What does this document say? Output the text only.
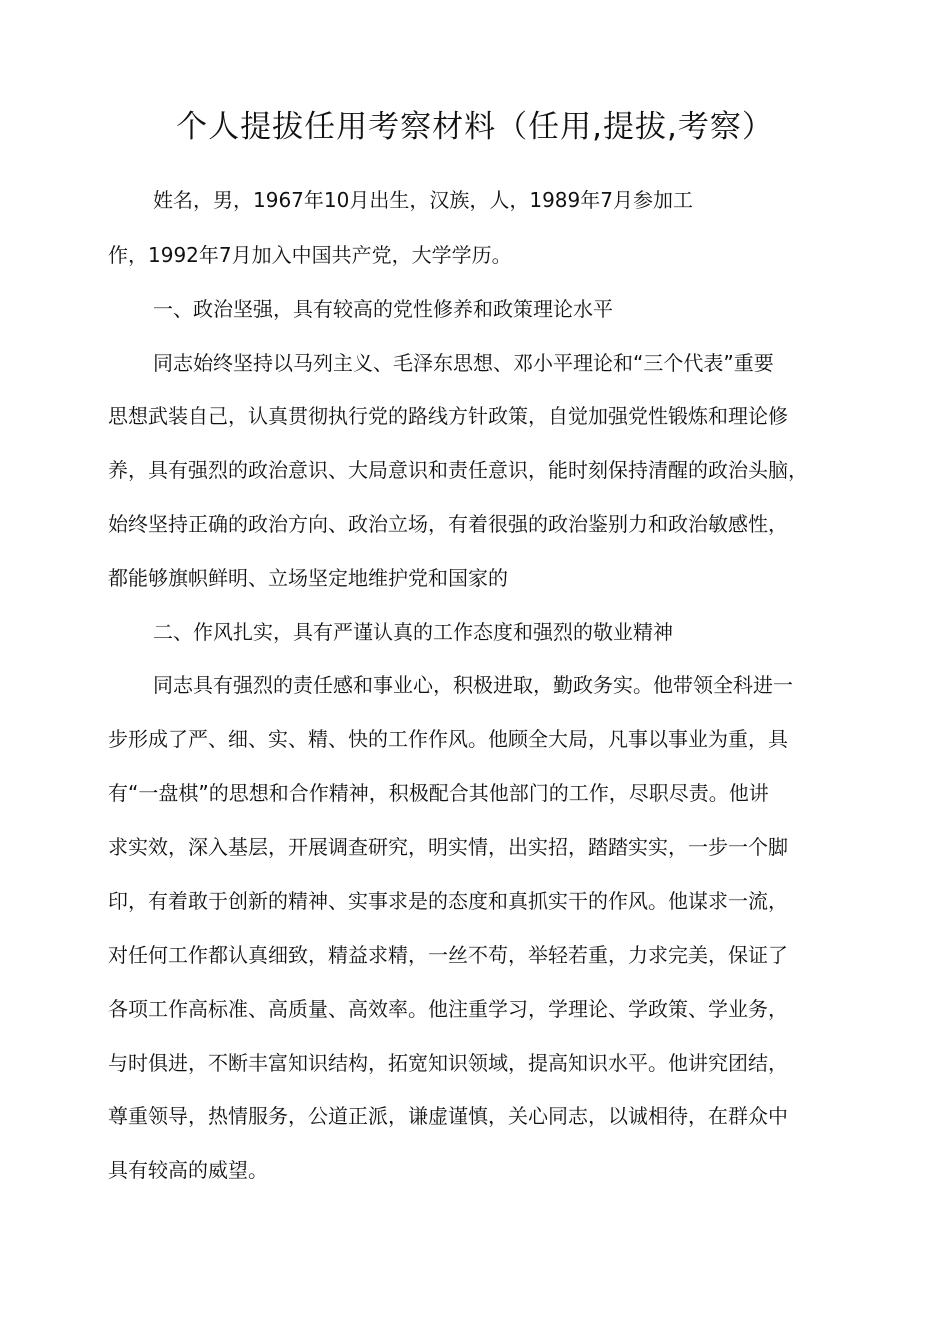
个人提拔任用考察材料（任用,提拔,考察）
姓名，男，1967年10月出生，汉族，人，1989年7月参加工
作，1992年7月加入中国共产党，大学学历。
一、政治坚强，具有较高的党性修养和政策理论水平
同志始终坚持以马列主义、毛泽东思想、邓小平理论和“三个代表”重要
思想武装自己，认真贯彻执行党的路线方针政策，自觉加强党性锻炼和理论修
养，具有强烈的政治意识、大局意识和责任意识，能时刻保持清醒的政治头脑，
始终坚持正确的政治方向、政治立场，有着很强的政治鉴别力和政治敏感性，
都能够旗帜鲜明、立场坚定地维护党和国家的
二、作风扎实，具有严谨认真的工作态度和强烈的敬业精神
同志具有强烈的责任感和事业心，积极进取，勤政务实。他带领全科进一
步形成了严、细、实、精、快的工作作风。他顾全大局，凡事以事业为重，具
有“一盘棋”的思想和合作精神，积极配合其他部门的工作，尽职尽责。他讲
求实效，深入基层，开展调查研究，明实情，出实招，踏踏实实，一步一个脚
印，有着敢于创新的精神、实事求是的态度和真抓实干的作风。他谋求一流，
对任何工作都认真细致，精益求精，一丝不苟，举轻若重，力求完美，保证了
各项工作高标准、高质量、高效率。他注重学习，学理论、学政策、学业务，
与时俱进，不断丰富知识结构，拓宽知识领域，提高知识水平。他讲究团结，
尊重领导，热情服务，公道正派，谦虚谨慎，关心同志，以诚相待，在群众中
具有较高的威望。
